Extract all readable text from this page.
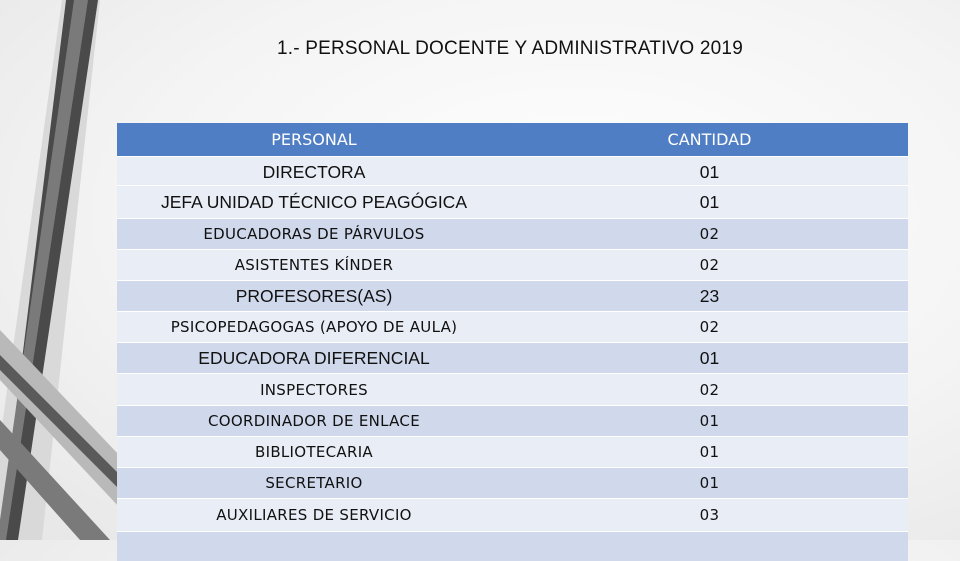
1.- PERSONAL DOCENTE Y ADMINISTRATIVO 2019
PERSONAL	CANTIDAD
DIRECTORA	01
JEFA UNIDAD TÉCNICO PEAGÓGICA	01
EDUCADORAS DE PÁRVULOS	02
ASISTENTES KÍNDER	02
PROFESORES(AS)	23
PSICOPEDAGOGAS (APOYO DE AULA)	02
EDUCADORA DIFERENCIAL	01
INSPECTORES	02
COORDINADOR DE ENLACE	01
BIBLIOTECARIA	01
SECRETARIO	01
AUXILIARES DE SERVICIO	03
